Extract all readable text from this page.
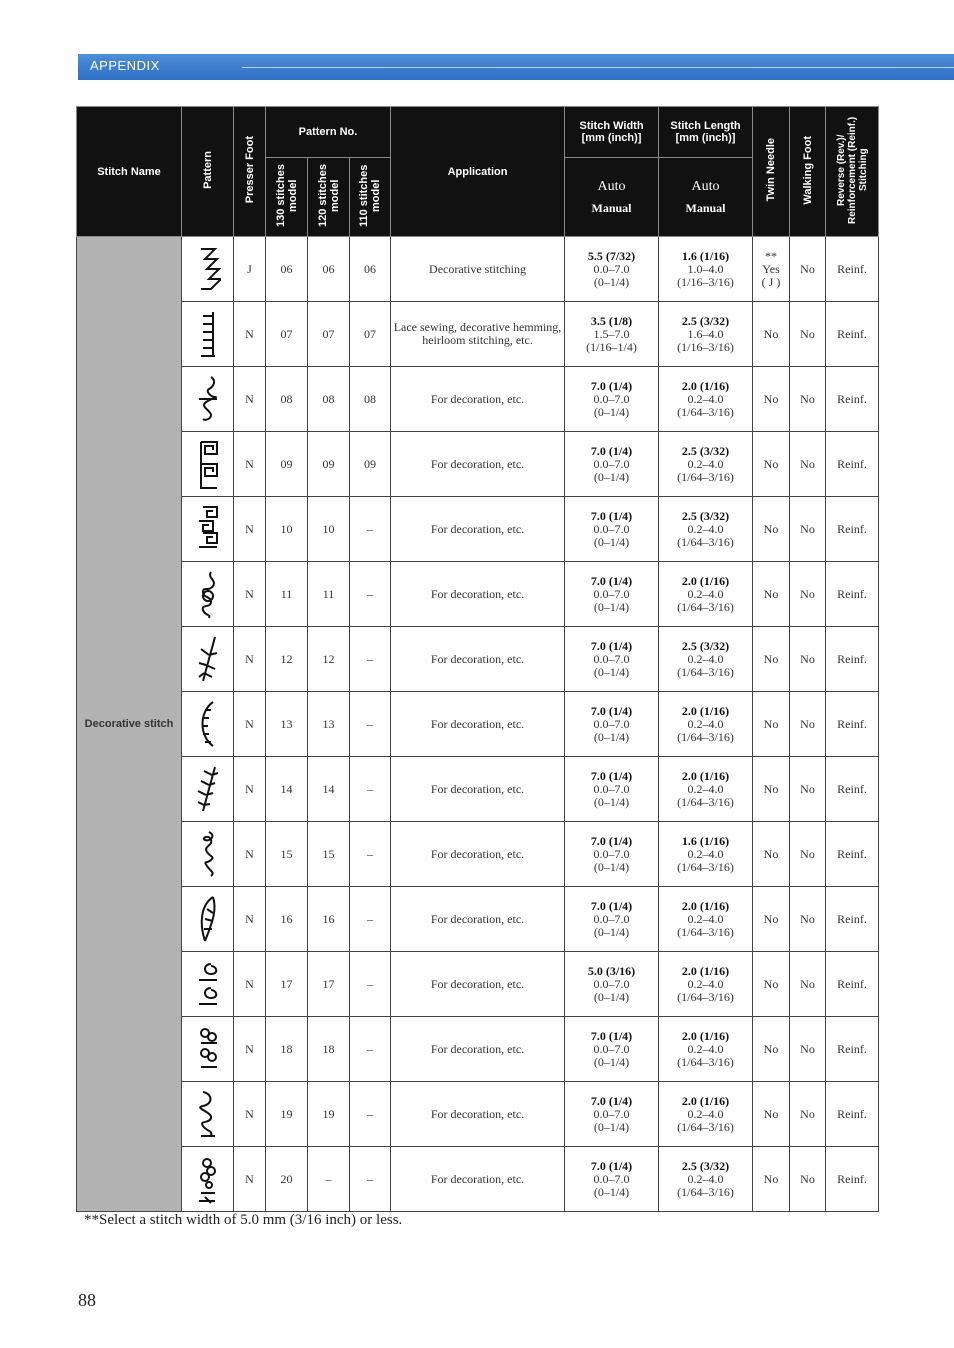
APPENDIX
Stitch Name	Pattern	Presser Foot	Pattern No.			Application	Stitch Width [mm (inch)]	Stitch Length [mm (inch)]	Twin Needle	Walking Foot	Reverse (Rev.)/ Reinforcement (Reinf.) Stitching
			130 stitches model	120 stitches model	110 stitches model		Auto
Manual	Auto
Manual			

Decorative stitch		J	06	06	06	Decorative stitching	5.5 (7/32)
0.0–7.0
(0–1/4)	1.6 (1/16)
1.0–4.0
(1/16–3/16)	**
Yes
( J )	No	Reinf.

	N	07	07	07	Lace sewing, decorative hemming, heirloom stitching, etc.	3.5 (1/8)
1.5–7.0
(1/16–1/4)	2.5 (3/32)
1.6–4.0
(1/16–3/16)	No	No	Reinf.

	N	08	08	08	For decoration, etc.	7.0 (1/4)
0.0–7.0
(0–1/4)	2.0 (1/16)
0.2–4.0
(1/64–3/16)	No	No	Reinf.

	N	09	09	09	For decoration, etc.	7.0 (1/4)
0.0–7.0
(0–1/4)	2.5 (3/32)
0.2–4.0
(1/64–3/16)	No	No	Reinf.

	N	10	10	–	For decoration, etc.	7.0 (1/4)
0.0–7.0
(0–1/4)	2.5 (3/32)
0.2–4.0
(1/64–3/16)	No	No	Reinf.

	N	11	11	–	For decoration, etc.	7.0 (1/4)
0.0–7.0
(0–1/4)	2.0 (1/16)
0.2–4.0
(1/64–3/16)	No	No	Reinf.

	N	12	12	–	For decoration, etc.	7.0 (1/4)
0.0–7.0
(0–1/4)	2.5 (3/32)
0.2–4.0
(1/64–3/16)	No	No	Reinf.

	N	13	13	–	For decoration, etc.	7.0 (1/4)
0.0–7.0
(0–1/4)	2.0 (1/16)
0.2–4.0
(1/64–3/16)	No	No	Reinf.

	N	14	14	–	For decoration, etc.	7.0 (1/4)
0.0–7.0
(0–1/4)	2.0 (1/16)
0.2–4.0
(1/64–3/16)	No	No	Reinf.

	N	15	15	–	For decoration, etc.	7.0 (1/4)
0.0–7.0
(0–1/4)	1.6 (1/16)
0.2–4.0
(1/64–3/16)	No	No	Reinf.

	N	16	16	–	For decoration, etc.	7.0 (1/4)
0.0–7.0
(0–1/4)	2.0 (1/16)
0.2–4.0
(1/64–3/16)	No	No	Reinf.

	N	17	17	–	For decoration, etc.	5.0 (3/16)
0.0–7.0
(0–1/4)	2.0 (1/16)
0.2–4.0
(1/64–3/16)	No	No	Reinf.

	N	18	18	–	For decoration, etc.	7.0 (1/4)
0.0–7.0
(0–1/4)	2.0 (1/16)
0.2–4.0
(1/64–3/16)	No	No	Reinf.

	N	19	19	–	For decoration, etc.	7.0 (1/4)
0.0–7.0
(0–1/4)	2.0 (1/16)
0.2–4.0
(1/64–3/16)	No	No	Reinf.

	N	20	–	–	For decoration, etc.	7.0 (1/4)
0.0–7.0
(0–1/4)	2.5 (3/32)
0.2–4.0
(1/64–3/16)	No	No	Reinf.
**Select a stitch width of 5.0 mm (3/16 inch) or less.
88
